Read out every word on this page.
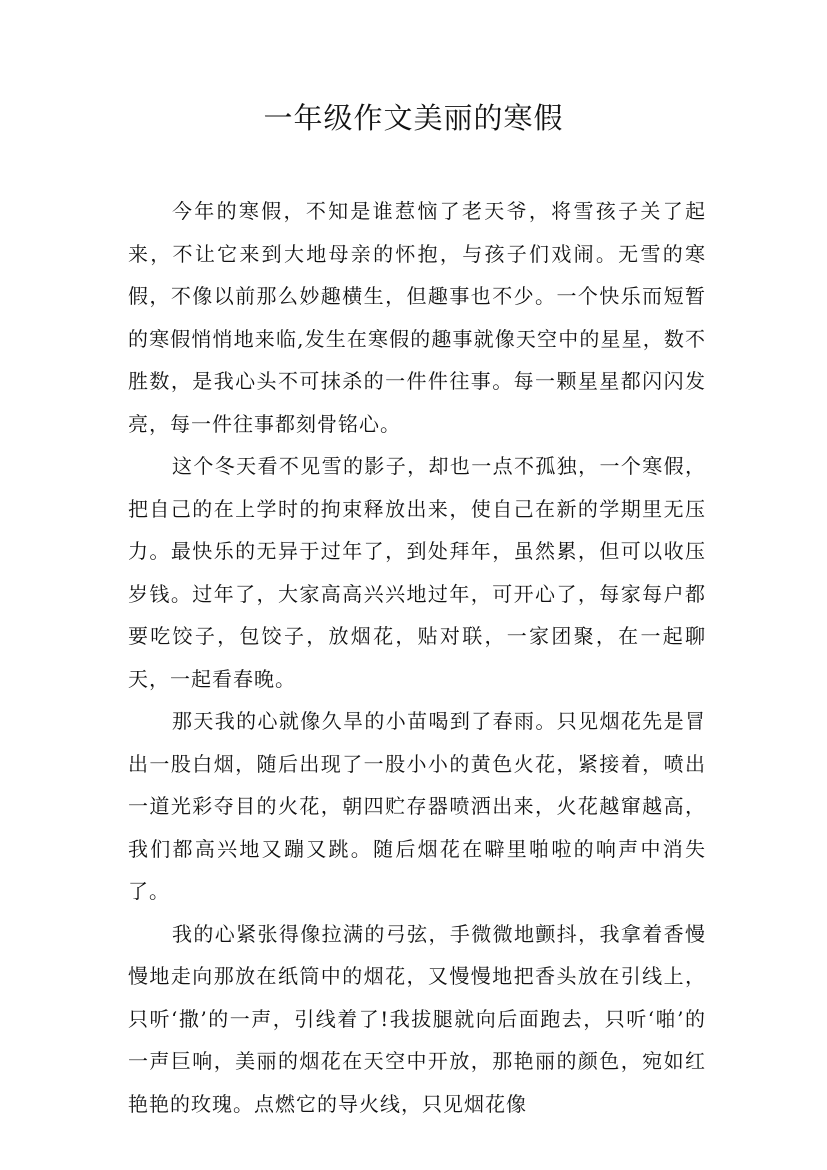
一年级作文美丽的寒假

今年的寒假，不知是谁惹恼了老天爷，将雪孩子关了起来，不让它来到大地母亲的怀抱，与孩子们戏闹。无雪的寒假，不像以前那么妙趣横生，但趣事也不少。一个快乐而短暂的寒假悄悄地来临,发生在寒假的趣事就像天空中的星星，数不胜数，是我心头不可抹杀的一件件往事。每一颗星星都闪闪发亮，每一件往事都刻骨铭心。

这个冬天看不见雪的影子，却也一点不孤独，一个寒假，把自己的在上学时的拘束释放出来，使自己在新的学期里无压力。最快乐的无异于过年了，到处拜年，虽然累，但可以收压岁钱。过年了，大家高高兴兴地过年，可开心了，每家每户都要吃饺子，包饺子，放烟花，贴对联，一家团聚，在一起聊天，一起看春晚。

那天我的心就像久旱的小苗喝到了春雨。只见烟花先是冒出一股白烟，随后出现了一股小小的黄色火花，紧接着，喷出一道光彩夺目的火花，朝四贮存器喷洒出来，火花越窜越高，我们都高兴地又蹦又跳。随后烟花在噼里啪啦的响声中消失了。

我的心紧张得像拉满的弓弦，手微微地颤抖，我拿着香慢慢地走向那放在纸筒中的烟花，又慢慢地把香头放在引线上，只听‘撒’的一声，引线着了!我拔腿就向后面跑去，只听‘啪’的一声巨响，美丽的烟花在天空中开放，那艳丽的颜色，宛如红艳艳的玫瑰。点燃它的导火线，只见烟花像
